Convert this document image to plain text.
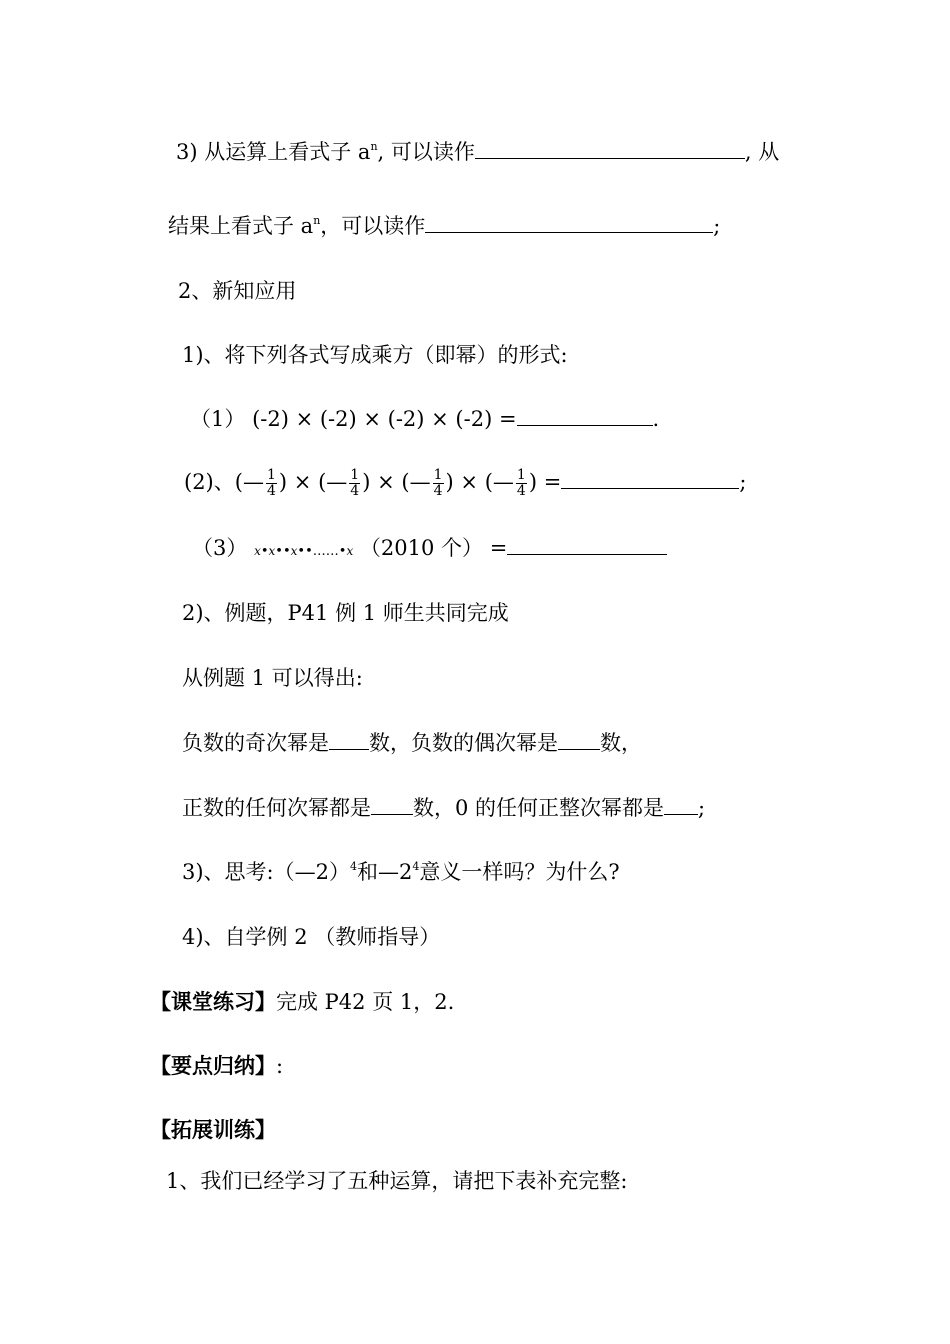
3) 从运算上看式子 $a^n$, 可以读作	, 从
结果上看式子 $a^n$，可以读作	;
2、新知应用
1)、将下列各式写成乘方（即幂）的形式:
（1） (-2) × (-2) × (-2) × (-2) =	.
(2)、(— $\frac{1}{4}$ ) × (— $\frac{1}{4}$ ) × (— $\frac{1}{4}$ ) × (— $\frac{1}{4}$ ) =	;
（3） x•x••x••……•x （2010 个） =
2)、例题，P41 例 1 师生共同完成
从例题 1 可以得出:
负数的奇次幂是 数，负数的偶次幂是 数，
正数的任何次幂都是 数，0 的任何正整次幂都是 ;
3)、思考:（—2）$^4$和$—2^4$意义一样吗？为什么?
4)、自学例 2 （教师指导）
【课堂练习】完成 P42 页 1，2.
【要点归纳】:
【拓展训练】
1、我们已经学习了五种运算，请把下表补充完整:
